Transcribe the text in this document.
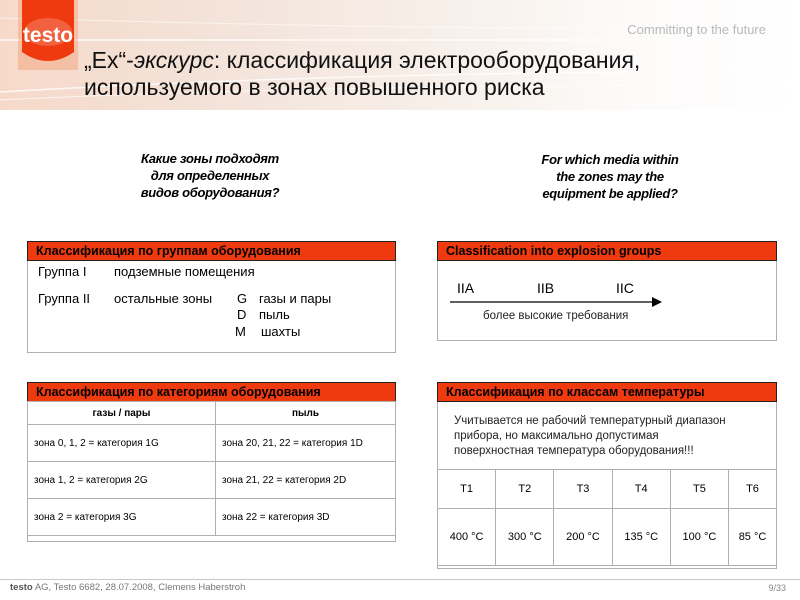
testo	Committing to the future
„Ex“-экскурс: классификация электрооборудования,
используемого в зонах повышенного риска
Какие зоны подходят
для определенных
видов оборудования?
For which media within
the zones may the
equipment be applied?
Классификация по группам оборудования
Группа I подземные помещения
Группа II остальные зоны G газы и пары
D пыль
M шахты
Classification into explosion groups
IIA	IIB	IIC
более высокие требования
Классификация по категориям оборудования
газы / пары	пыль
зона 0, 1, 2 = категория 1G	зона 20, 21, 22 = категория 1D
зона 1, 2 = категория 2G	зона 21, 22 = категория 2D
зона 2 = категория 3G	зона 22 = категория 3D
Классификация по классам температуры
Учитывается не рабочий температурный диапазон
прибора, но максимально допустимая
поверхностная температура оборудования!!!
T1	T2	T3	T4	T5	T6
400 °C	300 °C	200 °C	135 °C	100 °C	85 °C
testo AG, Testo 6682, 28.07.2008, Clemens Haberstroh	9/33
